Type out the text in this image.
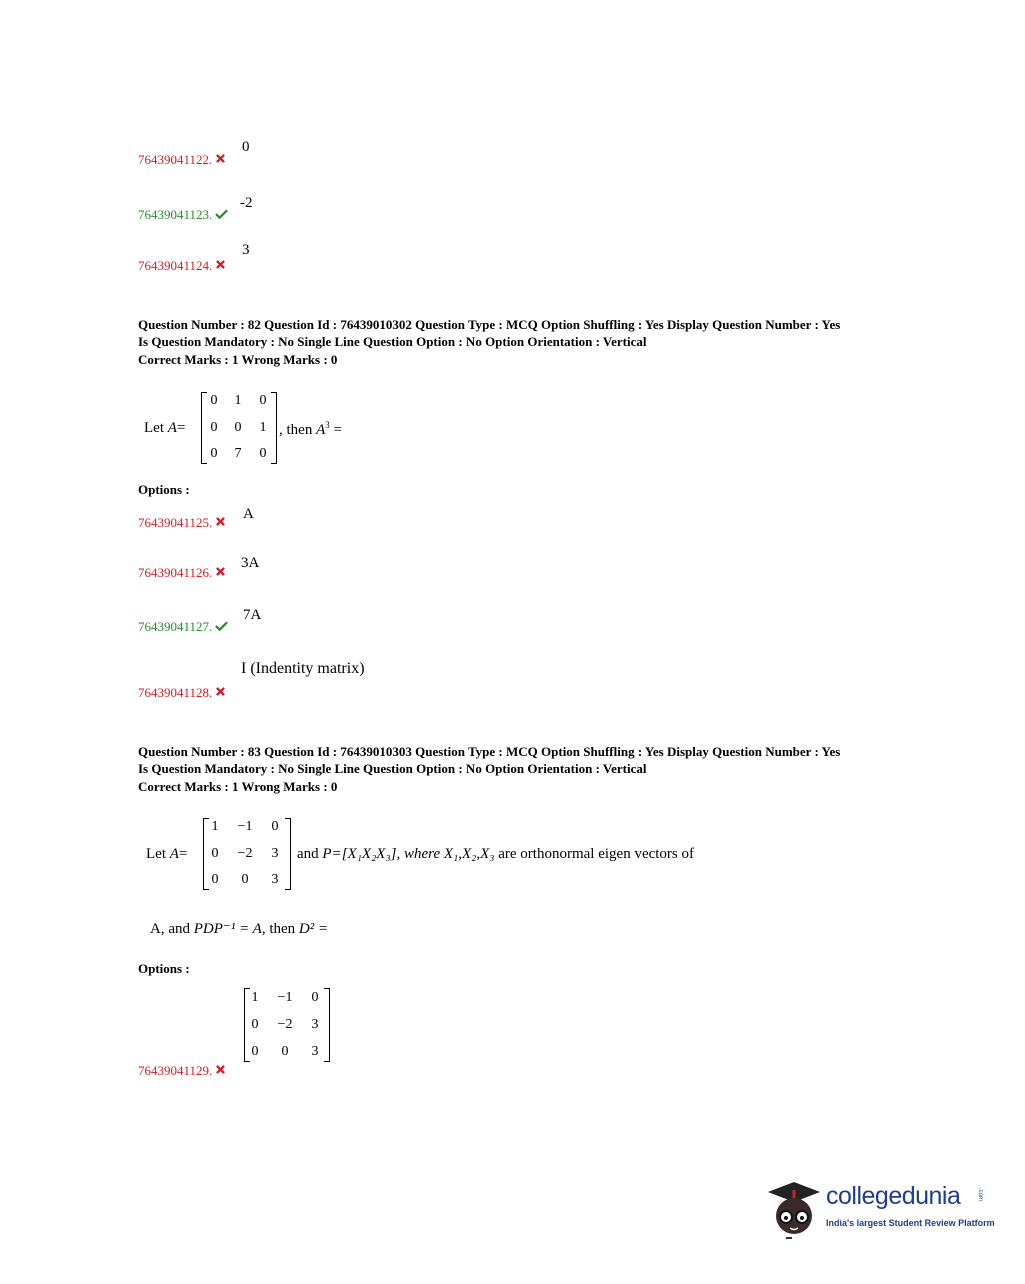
76439041122.
0
76439041123.
-2
76439041124.
3
Question Number : 82 Question Id : 76439010302 Question Type : MCQ Option Shuffling : Yes Display Question Number : Yes
Is Question Mandatory : No Single Line Question Option : No Option Orientation : Vertical
Correct Marks : 1 Wrong Marks : 0
Let A=
0	1	0
0	0	1
0	7	0
, then $A^3$ =
Options :
76439041125.
A
76439041126.
3A
76439041127.
7A
I (Indentity matrix)
76439041128.
Question Number : 83 Question Id : 76439010303 Question Type : MCQ Option Shuffling : Yes Display Question Number : Yes
Is Question Mandatory : No Single Line Question Option : No Option Orientation : Vertical
Correct Marks : 1 Wrong Marks : 0
Let A=
1	−1	0
0	−2	3
0	0	3
and P=[X₁X₂X₃], where X₁,X₂,X₃ are orthonormal eigen vectors of
A, and PDP⁻¹ = A, then D² =
Options :
1	−1	0
0	−2	3
0	0	3
76439041129.
collegedunia	.com
India's largest Student Review Platform
